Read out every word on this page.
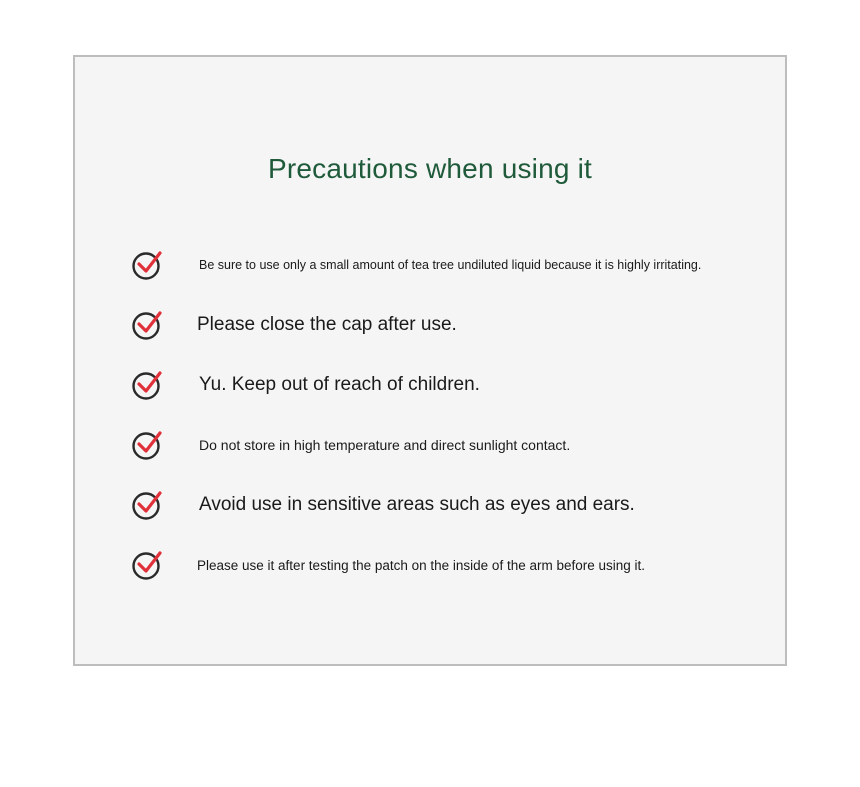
Precautions when using it
Be sure to use only a small amount of tea tree undiluted liquid because it is highly irritating.
Please close the cap after use.
Yu. Keep out of reach of children.
Do not store in high temperature and direct sunlight contact.
Avoid use in sensitive areas such as eyes and ears.
Please use it after testing the patch on the inside of the arm before using it.
